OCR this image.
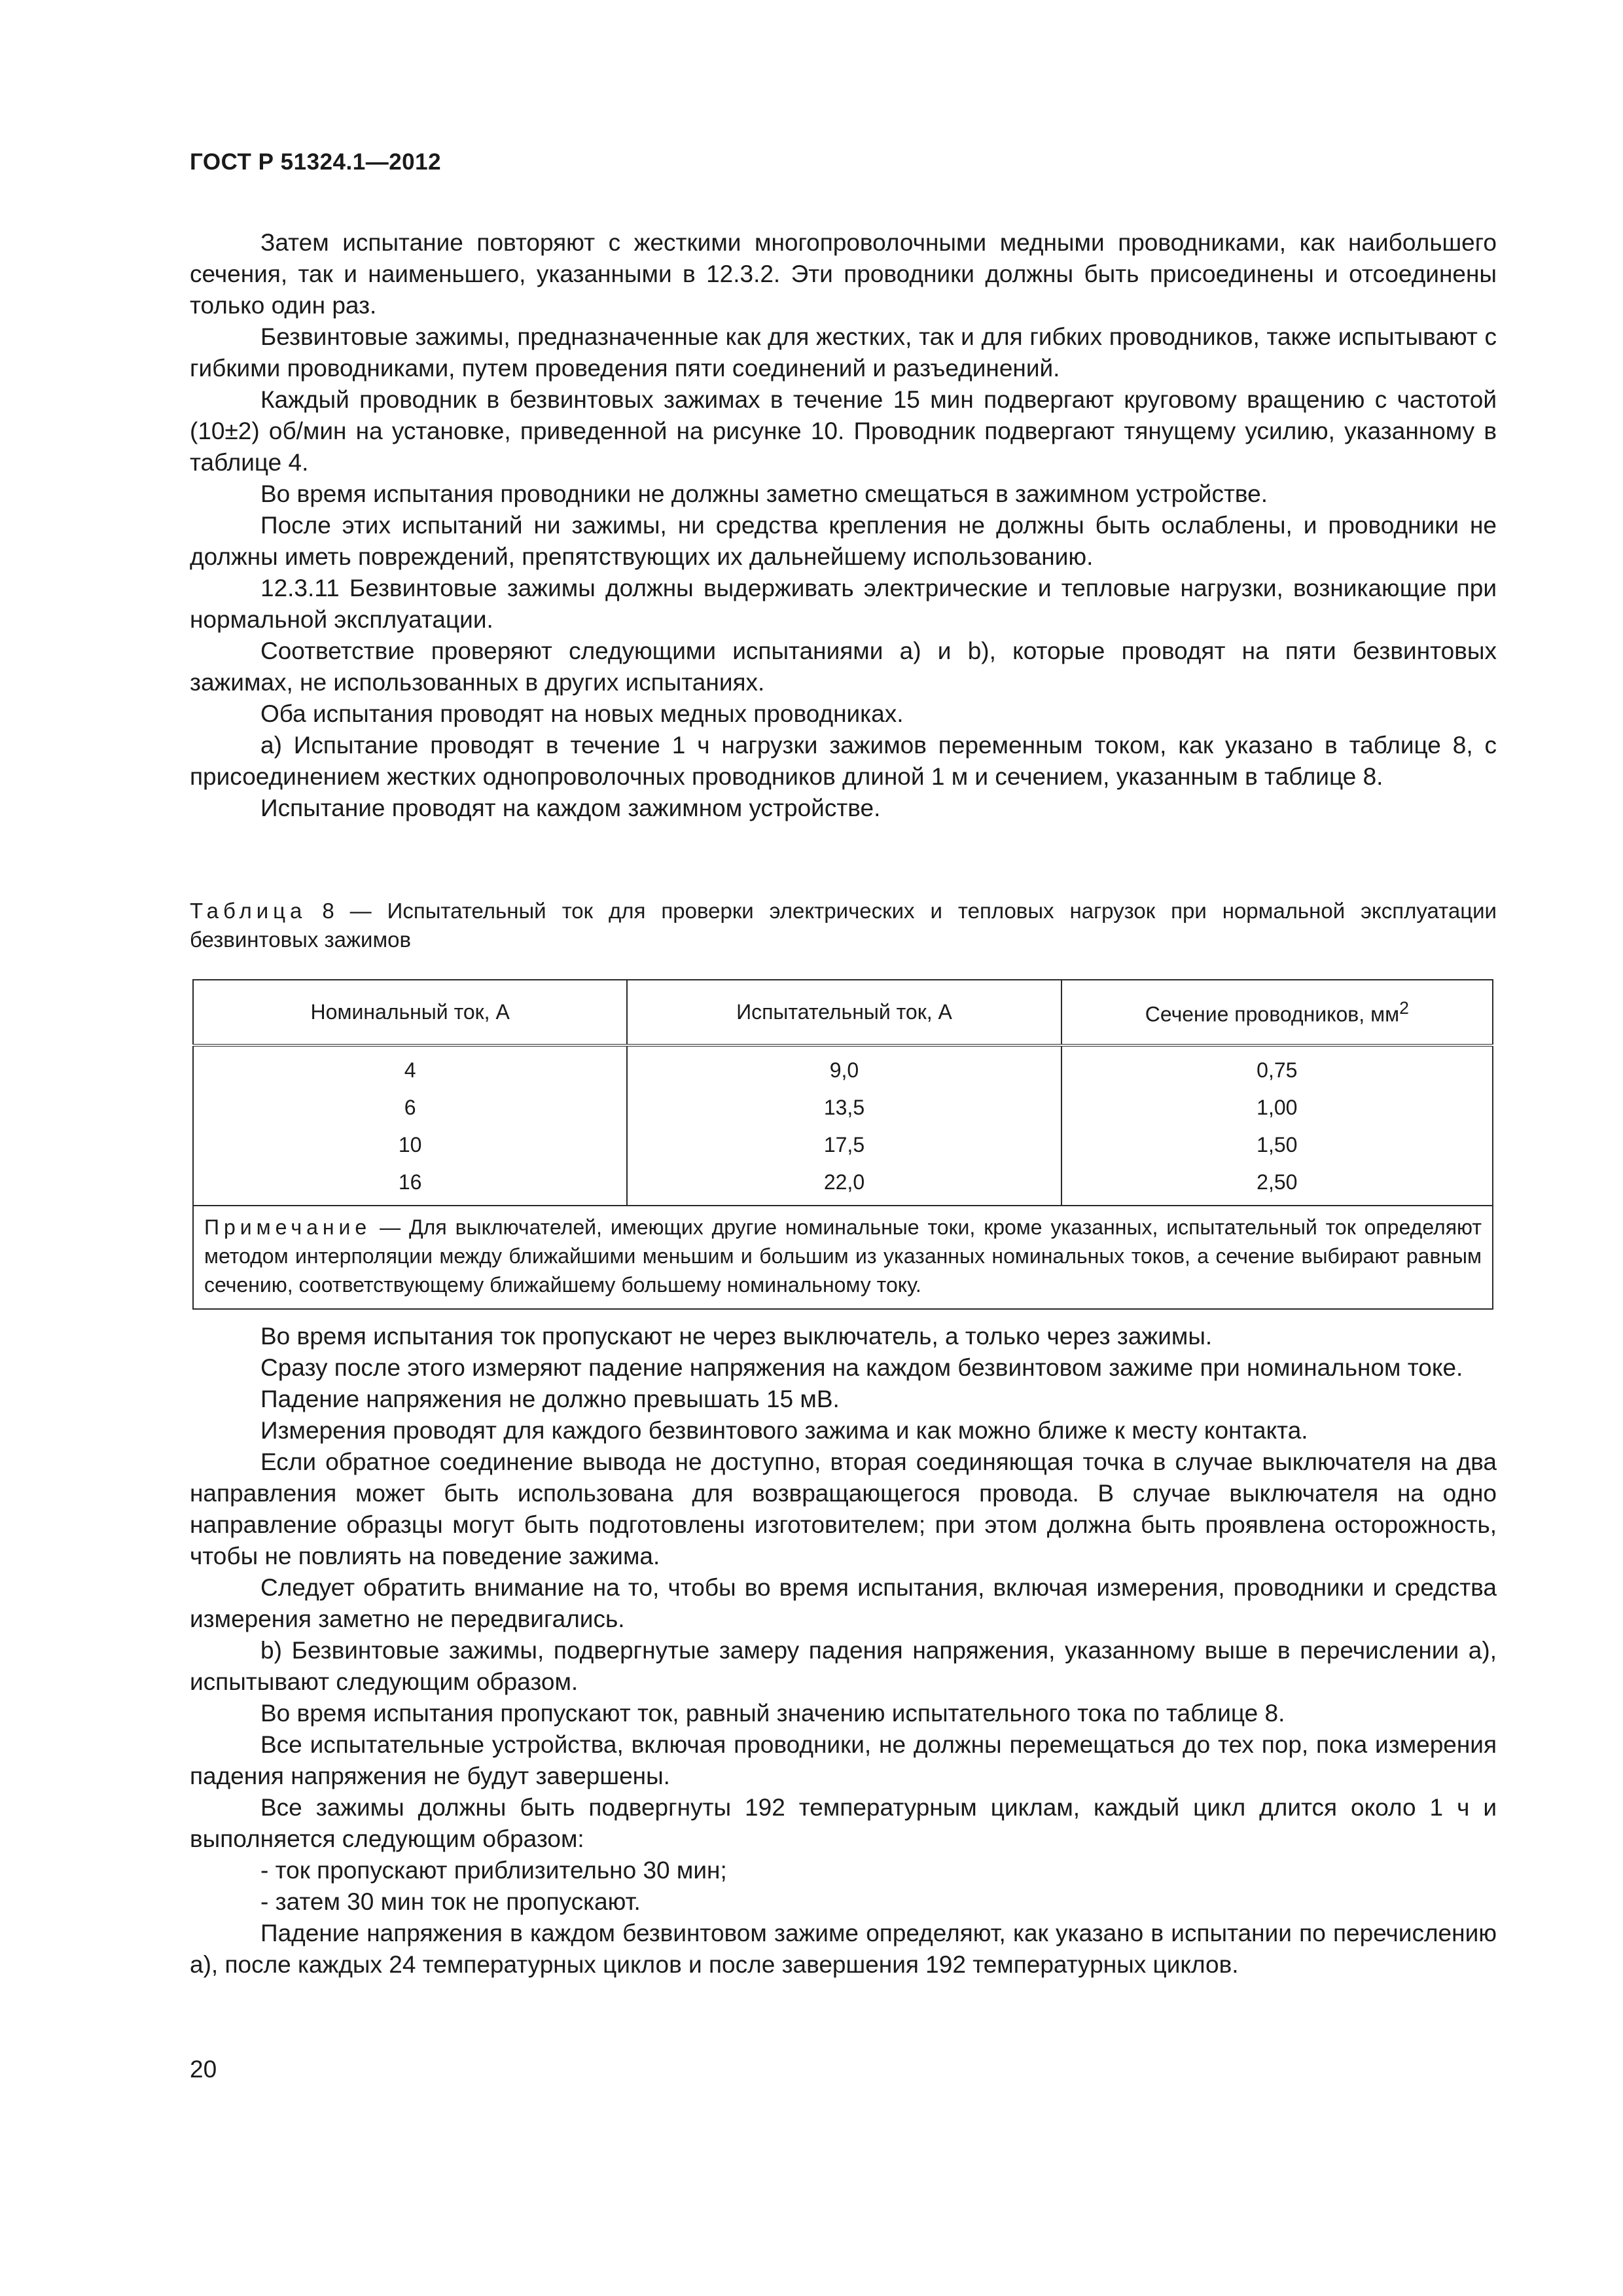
ГОСТ Р 51324.1—2012

Затем испытание повторяют с жесткими многопроволочными медными проводниками, как наибольшего сечения, так и наименьшего, указанными в 12.3.2. Эти проводники должны быть присоединены и отсоединены только один раз.

Безвинтовые зажимы, предназначенные как для жестких, так и для гибких проводников, также испытывают с гибкими проводниками, путем проведения пяти соединений и разъединений.

Каждый проводник в безвинтовых зажимах в течение 15 мин подвергают круговому вращению с частотой (10±2) об/мин на установке, приведенной на рисунке 10. Проводник подвергают тянущему усилию, указанному в таблице 4.

Во время испытания проводники не должны заметно смещаться в зажимном устройстве.

После этих испытаний ни зажимы, ни средства крепления не должны быть ослаблены, и проводники не должны иметь повреждений, препятствующих их дальнейшему использованию.

12.3.11 Безвинтовые зажимы должны выдерживать электрические и тепловые нагрузки, возникающие при нормальной эксплуатации.

Соответствие проверяют следующими испытаниями a) и b), которые проводят на пяти безвинтовых зажимах, не использованных в других испытаниях.

Оба испытания проводят на новых медных проводниках.

a) Испытание проводят в течение 1 ч нагрузки зажимов переменным током, как указано в таблице 8, с присоединением жестких однопроволочных проводников длиной 1 м и сечением, указанным в таблице 8.

Испытание проводят на каждом зажимном устройстве.

Таблица 8 — Испытательный ток для проверки электрических и тепловых нагрузок при нормальной эксплуатации безвинтовых зажимов

Номинальный ток, А	Испытательный ток, А	Сечение проводников, $мм^2$
4	9,0	0,75
6	13,5	1,00
10	17,5	1,50
16	22,0	2,50
Примечание — Для выключателей, имеющих другие номинальные токи, кроме указанных, испытательный ток определяют методом интерполяции между ближайшими меньшим и большим из указанных номинальных токов, а сечение выбирают равным сечению, соответствующему ближайшему большему номинальному току.		

Во время испытания ток пропускают не через выключатель, а только через зажимы.

Сразу после этого измеряют падение напряжения на каждом безвинтовом зажиме при номинальном токе.

Падение напряжения не должно превышать 15 мВ.

Измерения проводят для каждого безвинтового зажима и как можно ближе к месту контакта.

Если обратное соединение вывода не доступно, вторая соединяющая точка в случае выключателя на два направления может быть использована для возвращающегося провода. В случае выключателя на одно направление образцы могут быть подготовлены изготовителем; при этом должна быть проявлена осторожность, чтобы не повлиять на поведение зажима.

Следует обратить внимание на то, чтобы во время испытания, включая измерения, проводники и средства измерения заметно не передвигались.

b) Безвинтовые зажимы, подвергнутые замеру падения напряжения, указанному выше в перечислении a), испытывают следующим образом.

Во время испытания пропускают ток, равный значению испытательного тока по таблице 8.

Все испытательные устройства, включая проводники, не должны перемещаться до тех пор, пока измерения падения напряжения не будут завершены.

Все зажимы должны быть подвергнуты 192 температурным циклам, каждый цикл длится около 1 ч и выполняется следующим образом:

- ток пропускают приблизительно 30 мин;

- затем 30 мин ток не пропускают.

Падение напряжения в каждом безвинтовом зажиме определяют, как указано в испытании по перечислению a), после каждых 24 температурных циклов и после завершения 192 температурных циклов.

20
